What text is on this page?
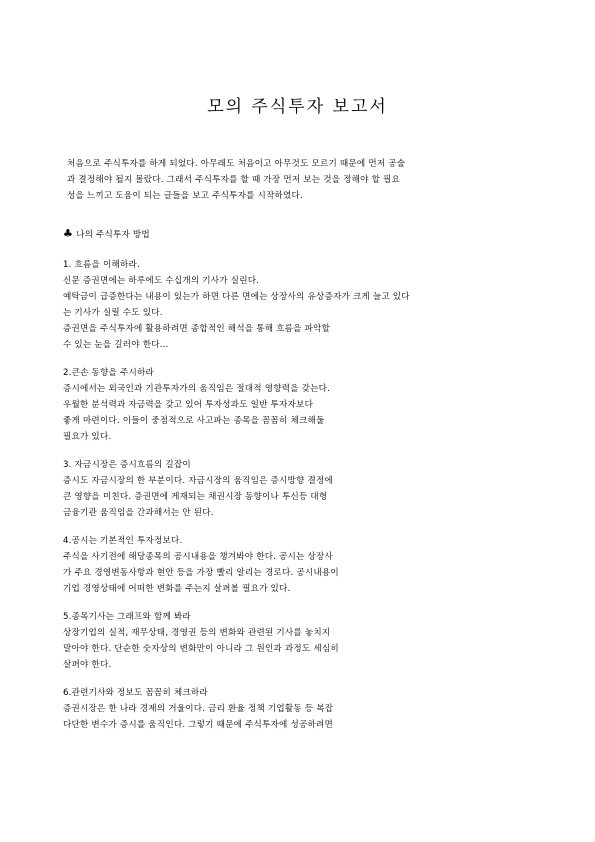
모의 주식투자 보고서
처음으로 주식투자를 하게 되었다. 아무래도 처음이고 아무것도 모르기 때문에 먼저 공술
과 결정해야 될지 몰랐다. 그래서 주식투자를 할 때 가장 먼저 보는 것을 정해야 할 필요
성을 느끼고 도움이 되는 글들을 보고 주식투자를 시작하였다.
♣ 나의 주식투자 방법
1. 흐름을 이해하라.
신문 증권면에는 하루에도 수십개의 기사가 실린다.
예탁금이 급증한다는 내용이 있는가 하면 다른 면에는 상장사의 유상증자가 크게 늘고 있다
는 기사가 실릴 수도 있다.
증권면을 주식투자에 활용하려면 종합적인 해석을 통해 흐름을 파악할
수 있는 눈을 길러야 한다...
2.큰손 동향을 주시하라
증시에서는 외국인과 기관투자가의 움직임은 절대적 영향력을 갖는다.
우월한 분석력과 자금력을 갖고 있어 투자성과도 일반 투자자보다
좋게 마련이다. 이들이 중점적으로 사고파는 종목을 꼼꼼히 체크해둘
필요가 있다.
3. 자금시장은 증시흐름의 길잡이
증시도 자금시장의 한 부분이다. 자금시장의 움직임은 증시방향 결정에
큰 영향을 미친다. 증권면에 게재되는 채권시장 동향이나 투신등 대형
금융기관 움직임을 간과해서는 안 된다.
4.공시는 기본적인 투자정보다.
주식을 사기전에 해당종목의 공시내용을 챙겨봐야 한다. 공시는 상장사
가 주요 경영변동사항과 현안 등을 가장 빨리 알리는 경로다. 공시내용이
기업 경영상태에 어떠한 변화를 주는지 살펴볼 필요가 있다.
5.종목기사는 그래프와 함께 봐라
상장기업의 실적, 재무상태, 경영권 등의 변화와 관련된 기사를 놓치지
말아야 한다. 단순한 숫자상의 변화만이 아니라 그 원인과 과정도 세심히
살펴야 한다.
6.관련기사와 정보도 꼼꼼히 체크하라
증권시장은 한 나라 경제의 거울이다. 금리 환율 정책 기업활동 등 복잡
다단한 변수가 증시를 움직인다. 그렇기 때문에 주식투자에 성공하려면
